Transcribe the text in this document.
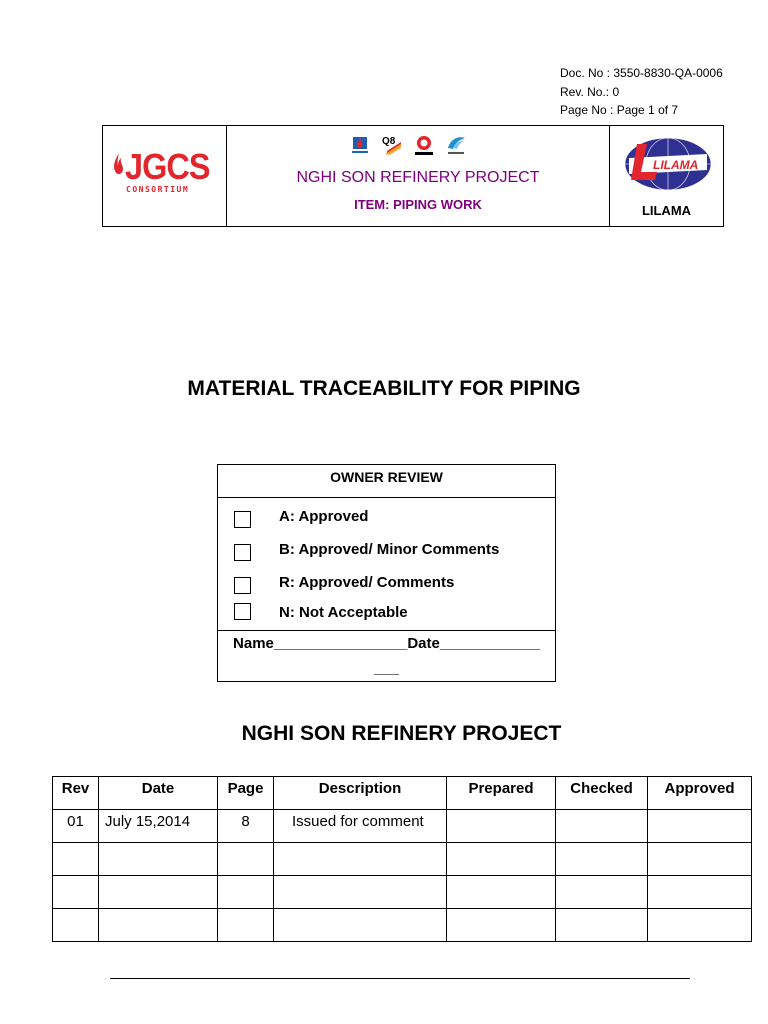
Doc. No : 3550-8830-QA-0006
Rev. No.: 0
Page No : Page 1 of 7
JGCS
CONSORTIUM
Q8
NGHI SON REFINERY PROJECT
ITEM: PIPING WORK
LILAMA
LILAMA
MATERIAL TRACEABILITY FOR PIPING
OWNER REVIEW
A: Approved
B: Approved/ Minor Comments
R: Approved/ Comments
N: Not Acceptable
Name________________Date____________
___
NGHI SON REFINERY PROJECT
Rev	Date	Page	Description	Prepared	Checked	Approved
01	July 15,2014	8	Issued for comment			
